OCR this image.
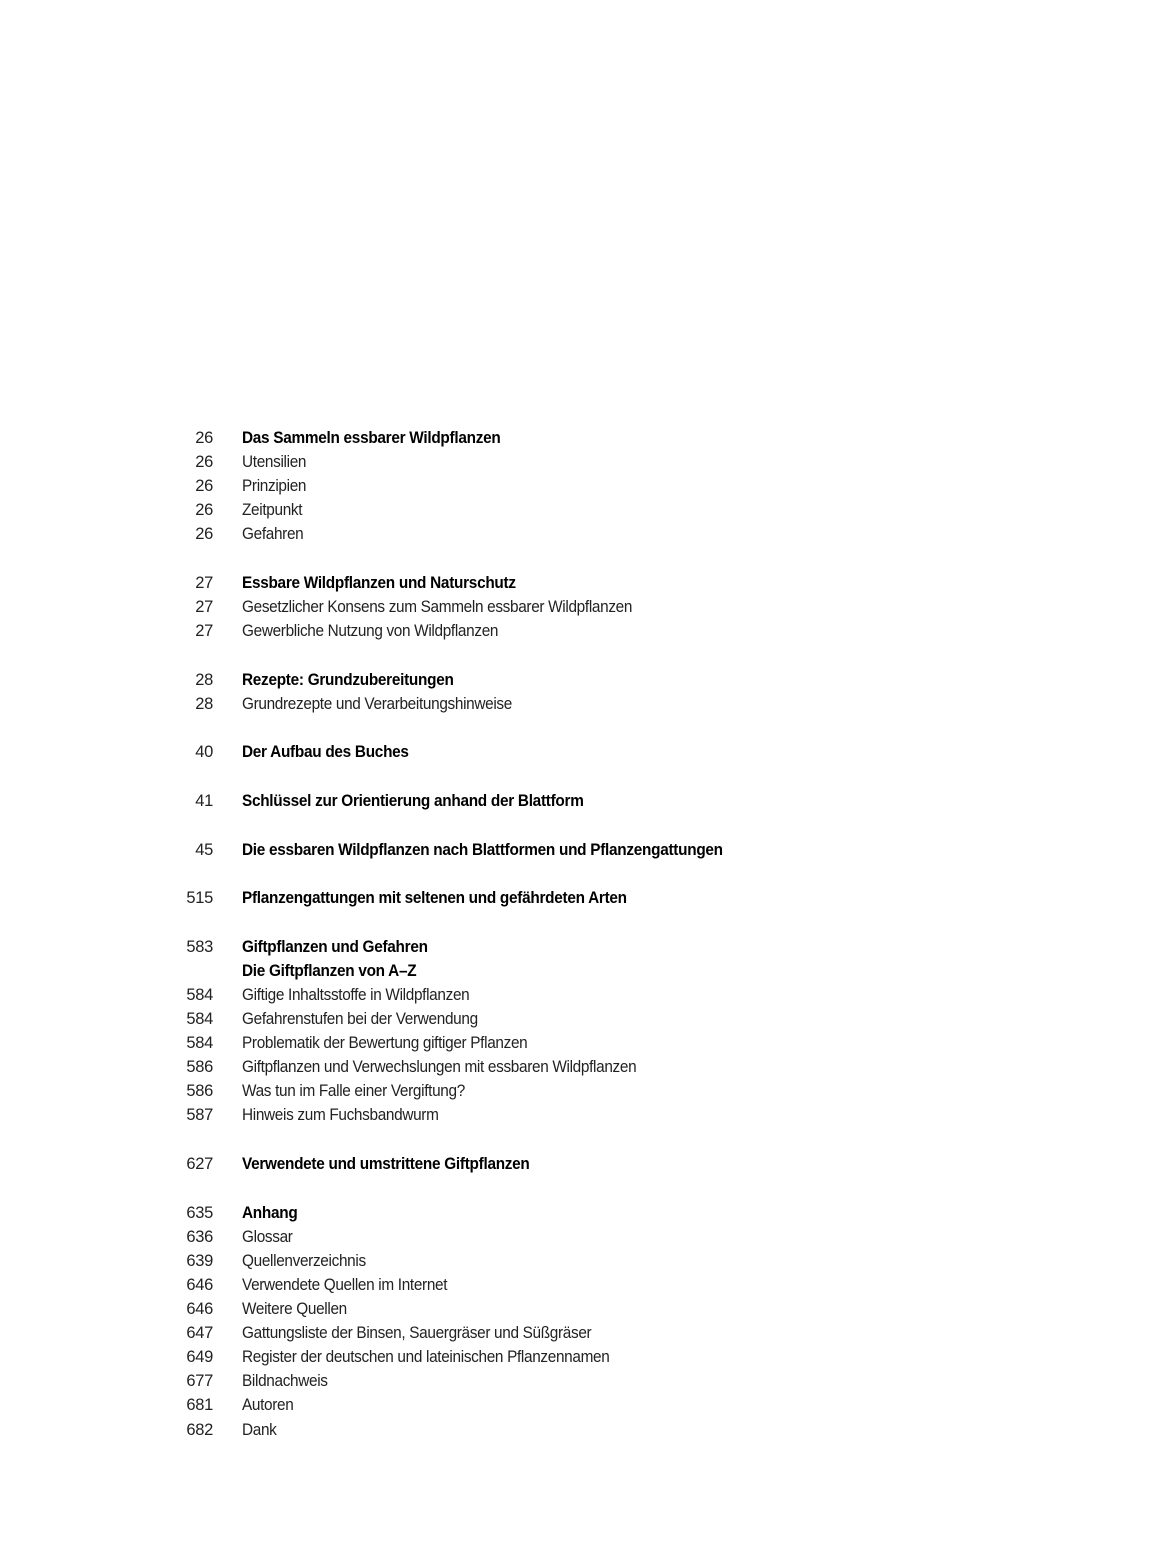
26 Das Sammeln essbarer Wildpflanzen
26 Utensilien
26 Prinzipien
26 Zeitpunkt
26 Gefahren
27 Essbare Wildpflanzen und Naturschutz
27 Gesetzlicher Konsens zum Sammeln essbarer Wildpflanzen
27 Gewerbliche Nutzung von Wildpflanzen
28 Rezepte: Grundzubereitungen
28 Grundrezepte und Verarbeitungshinweise
40 Der Aufbau des Buches
41 Schlüssel zur Orientierung anhand der Blattform
45 Die essbaren Wildpflanzen nach Blattformen und Pflanzengattungen
515 Pflanzengattungen mit seltenen und gefährdeten Arten
583 Giftpflanzen und Gefahren
Die Giftpflanzen von A–Z
584 Giftige Inhaltsstoffe in Wildpflanzen
584 Gefahrenstufen bei der Verwendung
584 Problematik der Bewertung giftiger Pflanzen
586 Giftpflanzen und Verwechslungen mit essbaren Wildpflanzen
586 Was tun im Falle einer Vergiftung?
587 Hinweis zum Fuchsbandwurm
627 Verwendete und umstrittene Giftpflanzen
635 Anhang
636 Glossar
639 Quellenverzeichnis
646 Verwendete Quellen im Internet
646 Weitere Quellen
647 Gattungsliste der Binsen, Sauergräser und Süßgräser
649 Register der deutschen und lateinischen Pflanzennamen
677 Bildnachweis
681 Autoren
682 Dank
